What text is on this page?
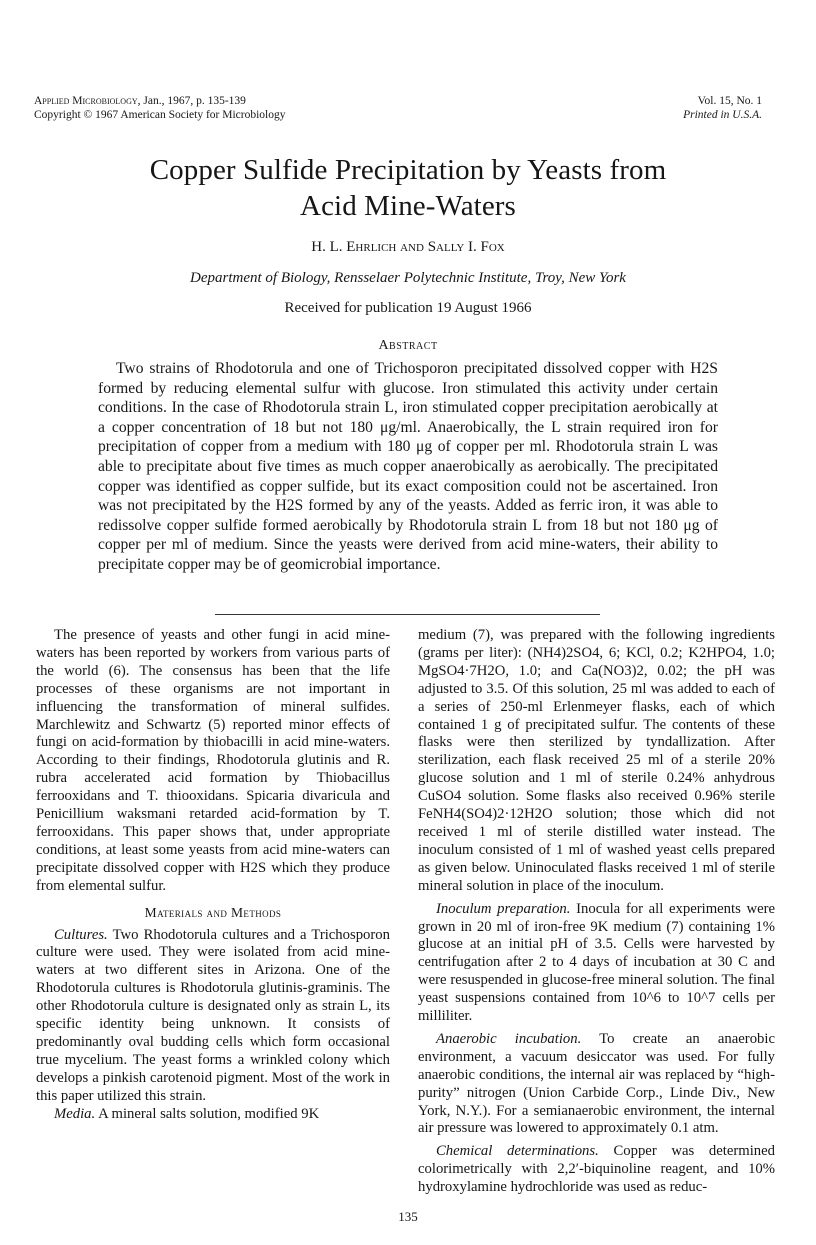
Applied Microbiology, Jan., 1967, p. 135-139
Copyright © 1967 American Society for Microbiology
Vol. 15, No. 1
Printed in U.S.A.
Copper Sulfide Precipitation by Yeasts from
Acid Mine-Waters
H. L. Ehrlich and Sally I. Fox
Department of Biology, Rensselaer Polytechnic Institute, Troy, New York
Received for publication 19 August 1966
Abstract

Two strains of Rhodotorula and one of Trichosporon precipitated dissolved copper with H2S formed by reducing elemental sulfur with glucose. Iron stimulated this activity under certain conditions. In the case of Rhodotorula strain L, iron stimulated copper precipitation aerobically at a copper concentration of 18 but not 180 μg/ml. Anaerobically, the L strain required iron for precipitation of copper from a medium with 180 μg of copper per ml. Rhodotorula strain L was able to precipitate about five times as much copper anaerobically as aerobically. The precipitated copper was identified as copper sulfide, but its exact composition could not be ascertained. Iron was not precipitated by the H2S formed by any of the yeasts. Added as ferric iron, it was able to redissolve copper sulfide formed aerobically by Rhodotorula strain L from 18 but not 180 μg of copper per ml of medium. Since the yeasts were derived from acid mine-waters, their ability to precipitate copper may be of geomicrobial importance.

The presence of yeasts and other fungi in acid mine-waters has been reported by workers from various parts of the world (6). The consensus has been that the life processes of these organisms are not important in influencing the transformation of mineral sulfides. Marchlewitz and Schwartz (5) reported minor effects of fungi on acid-formation by thiobacilli in acid mine-waters. According to their findings, Rhodotorula glutinis and R. rubra accelerated acid formation by Thiobacillus ferrooxidans and T. thiooxidans. Spicaria divaricula and Penicillium waksmani retarded acid-formation by T. ferrooxidans. This paper shows that, under appropriate conditions, at least some yeasts from acid mine-waters can precipitate dissolved copper with H2S which they produce from elemental sulfur.

Materials and Methods

Cultures. Two Rhodotorula cultures and a Trichosporon culture were used. They were isolated from acid mine-waters at two different sites in Arizona. One of the Rhodotorula cultures is Rhodotorula glutinis-graminis. The other Rhodotorula culture is designated only as strain L, its specific identity being unknown. It consists of predominantly oval budding cells which form occasional true mycelium. The yeast forms a wrinkled colony which develops a pinkish carotenoid pigment. Most of the work in this paper utilized this strain.

Media. A mineral salts solution, modified 9K

medium (7), was prepared with the following ingredients (grams per liter): (NH4)2SO4, 6; KCl, 0.2; K2HPO4, 1.0; MgSO4·7H2O, 1.0; and Ca(NO3)2, 0.02; the pH was adjusted to 3.5. Of this solution, 25 ml was added to each of a series of 250-ml Erlenmeyer flasks, each of which contained 1 g of precipitated sulfur. The contents of these flasks were then sterilized by tyndallization. After sterilization, each flask received 25 ml of a sterile 20% glucose solution and 1 ml of sterile 0.24% anhydrous CuSO4 solution. Some flasks also received 0.96% sterile FeNH4(SO4)2·12H2O solution; those which did not received 1 ml of sterile distilled water instead. The inoculum consisted of 1 ml of washed yeast cells prepared as given below. Uninoculated flasks received 1 ml of sterile mineral solution in place of the inoculum.

Inoculum preparation. Inocula for all experiments were grown in 20 ml of iron-free 9K medium (7) containing 1% glucose at an initial pH of 3.5. Cells were harvested by centrifugation after 2 to 4 days of incubation at 30 C and were resuspended in glucose-free mineral solution. The final yeast suspensions contained from 10^6 to 10^7 cells per milliliter.

Anaerobic incubation. To create an anaerobic environment, a vacuum desiccator was used. For fully anaerobic conditions, the internal air was replaced by “high-purity” nitrogen (Union Carbide Corp., Linde Div., New York, N.Y.). For a semianaerobic environment, the internal air pressure was lowered to approximately 0.1 atm.

Chemical determinations. Copper was determined colorimetrically with 2,2′-biquinoline reagent, and 10% hydroxylamine hydrochloride was used as reduc-

135
